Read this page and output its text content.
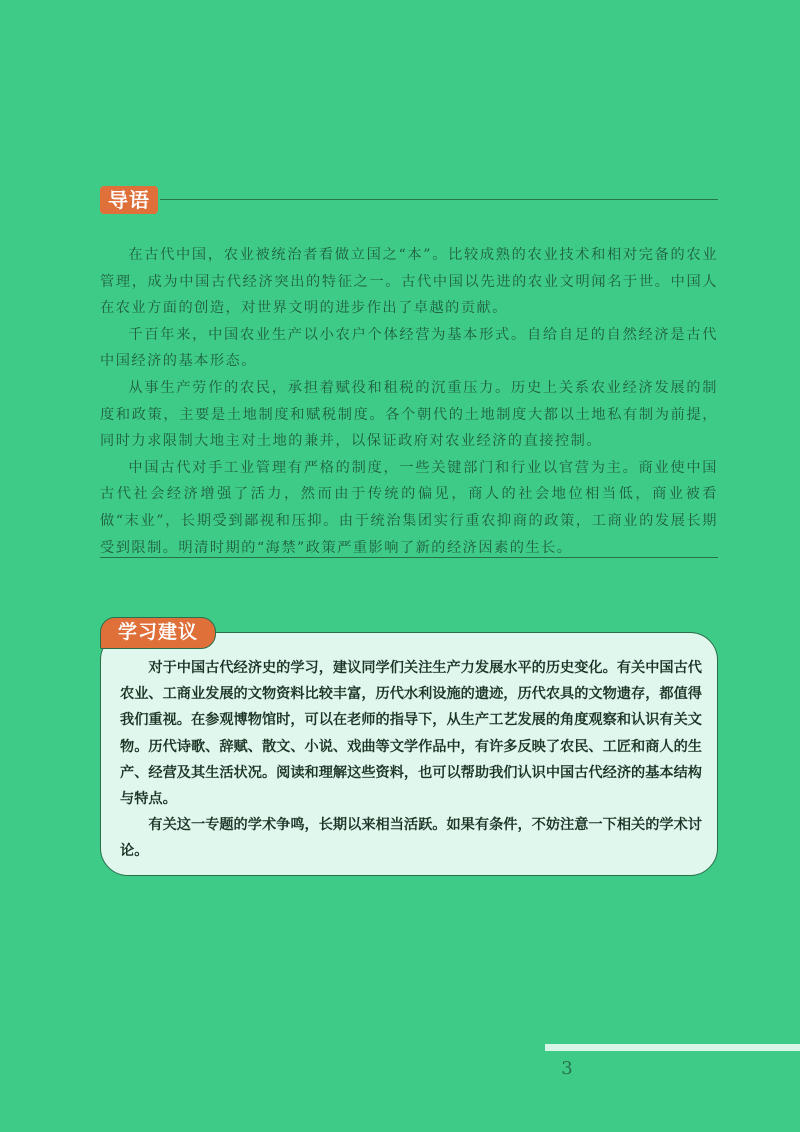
导语

在古代中国，农业被统治者看做立国之“本”。比较成熟的农业技术和相对完备的农业管理，成为中国古代经济突出的特征之一。古代中国以先进的农业文明闻名于世。中国人在农业方面的创造，对世界文明的进步作出了卓越的贡献。

千百年来，中国农业生产以小农户个体经营为基本形式。自给自足的自然经济是古代中国经济的基本形态。

从事生产劳作的农民，承担着赋役和租税的沉重压力。历史上关系农业经济发展的制度和政策，主要是土地制度和赋税制度。各个朝代的土地制度大都以土地私有制为前提，同时力求限制大地主对土地的兼并，以保证政府对农业经济的直接控制。

中国古代对手工业管理有严格的制度，一些关键部门和行业以官营为主。商业使中国古代社会经济增强了活力，然而由于传统的偏见，商人的社会地位相当低，商业被看做“末业”，长期受到鄙视和压抑。由于统治集团实行重农抑商的政策，工商业的发展长期受到限制。明清时期的“海禁”政策严重影响了新的经济因素的生长。

学习建议

对于中国古代经济史的学习，建议同学们关注生产力发展水平的历史变化。有关中国古代农业、工商业发展的文物资料比较丰富，历代水利设施的遗迹，历代农具的文物遗存，都值得我们重视。在参观博物馆时，可以在老师的指导下，从生产工艺发展的角度观察和认识有关文物。历代诗歌、辞赋、散文、小说、戏曲等文学作品中，有许多反映了农民、工匠和商人的生产、经营及其生活状况。阅读和理解这些资料，也可以帮助我们认识中国古代经济的基本结构与特点。

有关这一专题的学术争鸣，长期以来相当活跃。如果有条件，不妨注意一下相关的学术讨论。

3
